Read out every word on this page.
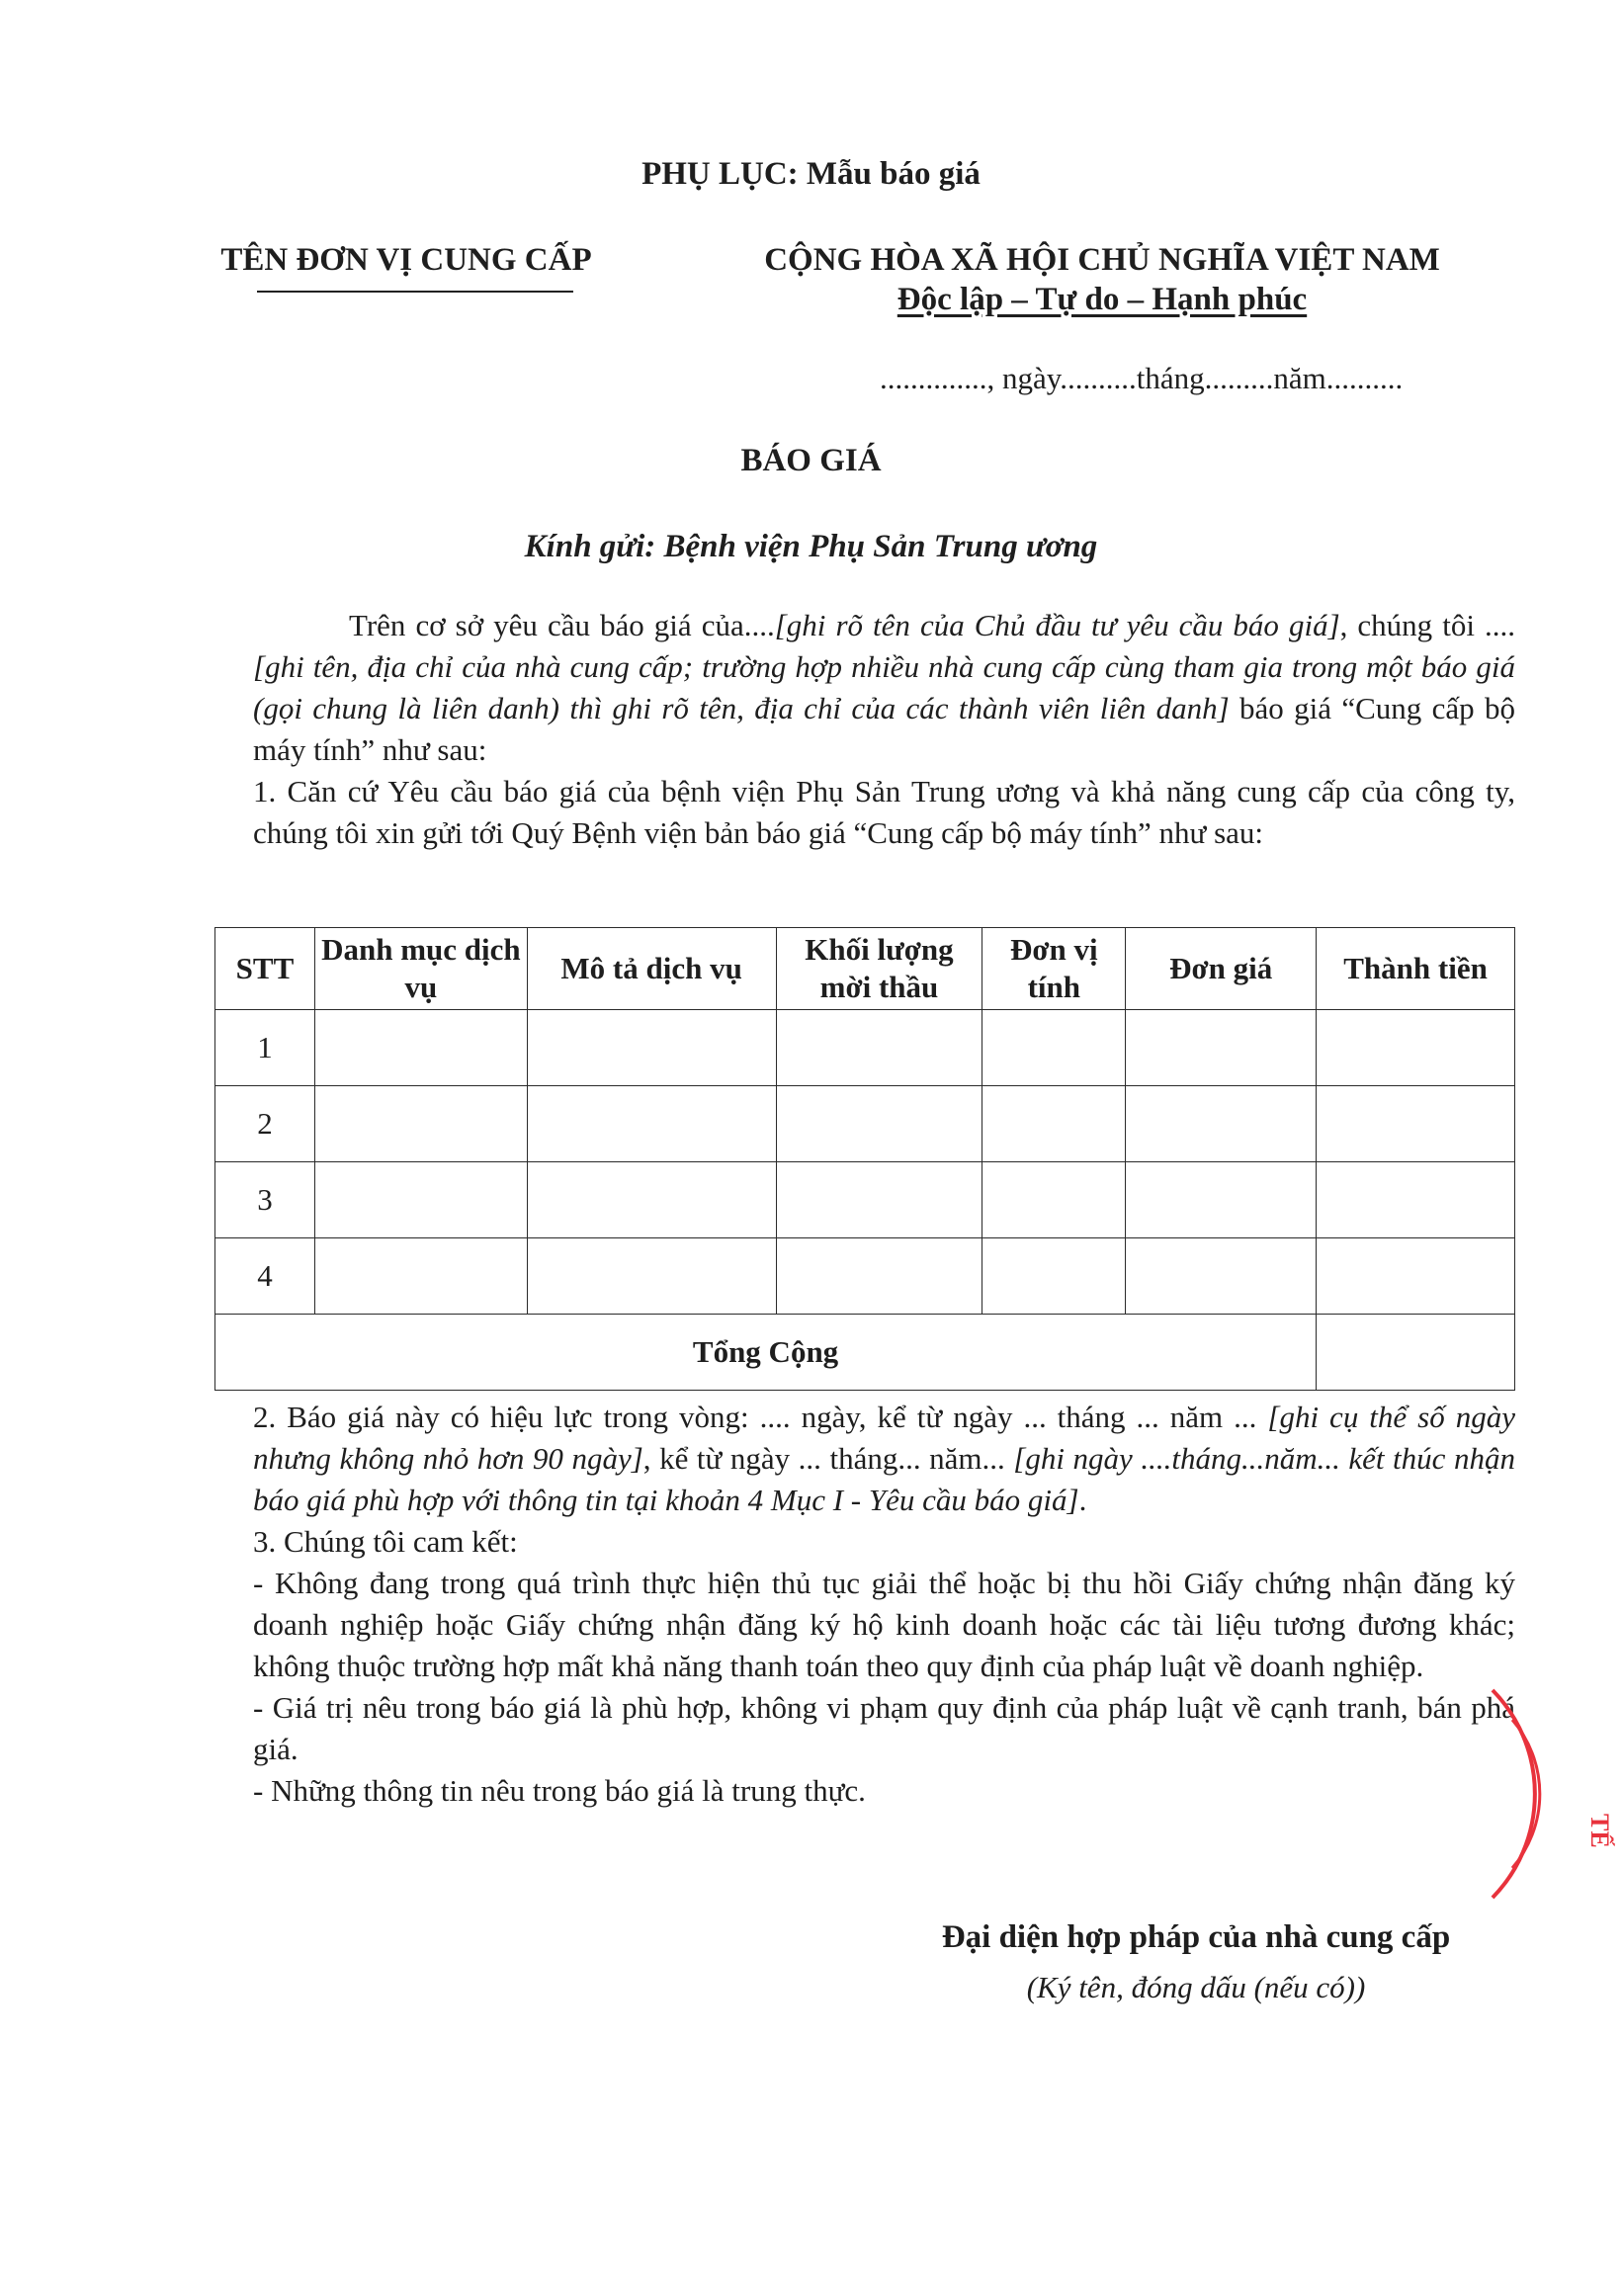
PHỤ LỤC: Mẫu báo giá
TÊN ĐƠN VỊ CUNG CẤP	CỘNG HÒA XÃ HỘI CHỦ NGHĨA VIỆT NAM
Độc lập – Tự do – Hạnh phúc
.............., ngày..........tháng.........năm..........
BÁO GIÁ
Kính gửi: Bệnh viện Phụ Sản Trung ương

Trên cơ sở yêu cầu báo giá của....[ghi rõ tên của Chủ đầu tư yêu cầu báo giá], chúng tôi .... [ghi tên, địa chỉ của nhà cung cấp; trường hợp nhiều nhà cung cấp cùng tham gia trong một báo giá (gọi chung là liên danh) thì ghi rõ tên, địa chỉ của các thành viên liên danh] báo giá “Cung cấp bộ máy tính” như sau:

1. Căn cứ Yêu cầu báo giá của bệnh viện Phụ Sản Trung ương và khả năng cung cấp của công ty, chúng tôi xin gửi tới Quý Bệnh viện bản báo giá “Cung cấp bộ máy tính” như sau:

STT	Danh mục dịch vụ	Mô tả dịch vụ	Khối lượng mời thầu	Đơn vị tính	Đơn giá	Thành tiền
1						
2						
3						
4						
Tổng Cộng						

2. Báo giá này có hiệu lực trong vòng: .... ngày, kể từ ngày ... tháng ... năm ... [ghi cụ thể số ngày nhưng không nhỏ hơn 90 ngày], kể từ ngày ... tháng... năm... [ghi ngày ....tháng...năm... kết thúc nhận báo giá phù hợp với thông tin tại khoản 4 Mục I - Yêu cầu báo giá].

3. Chúng tôi cam kết:

- Không đang trong quá trình thực hiện thủ tục giải thể hoặc bị thu hồi Giấy chứng nhận đăng ký doanh nghiệp hoặc Giấy chứng nhận đăng ký hộ kinh doanh hoặc các tài liệu tương đương khác; không thuộc trường hợp mất khả năng thanh toán theo quy định của pháp luật về doanh nghiệp.

- Giá trị nêu trong báo giá là phù hợp, không vi phạm quy định của pháp luật về cạnh tranh, bán phá giá.

- Những thông tin nêu trong báo giá là trung thực.

Đại diện hợp pháp của nhà cung cấp
(Ký tên, đóng dấu (nếu có))
TẾ
